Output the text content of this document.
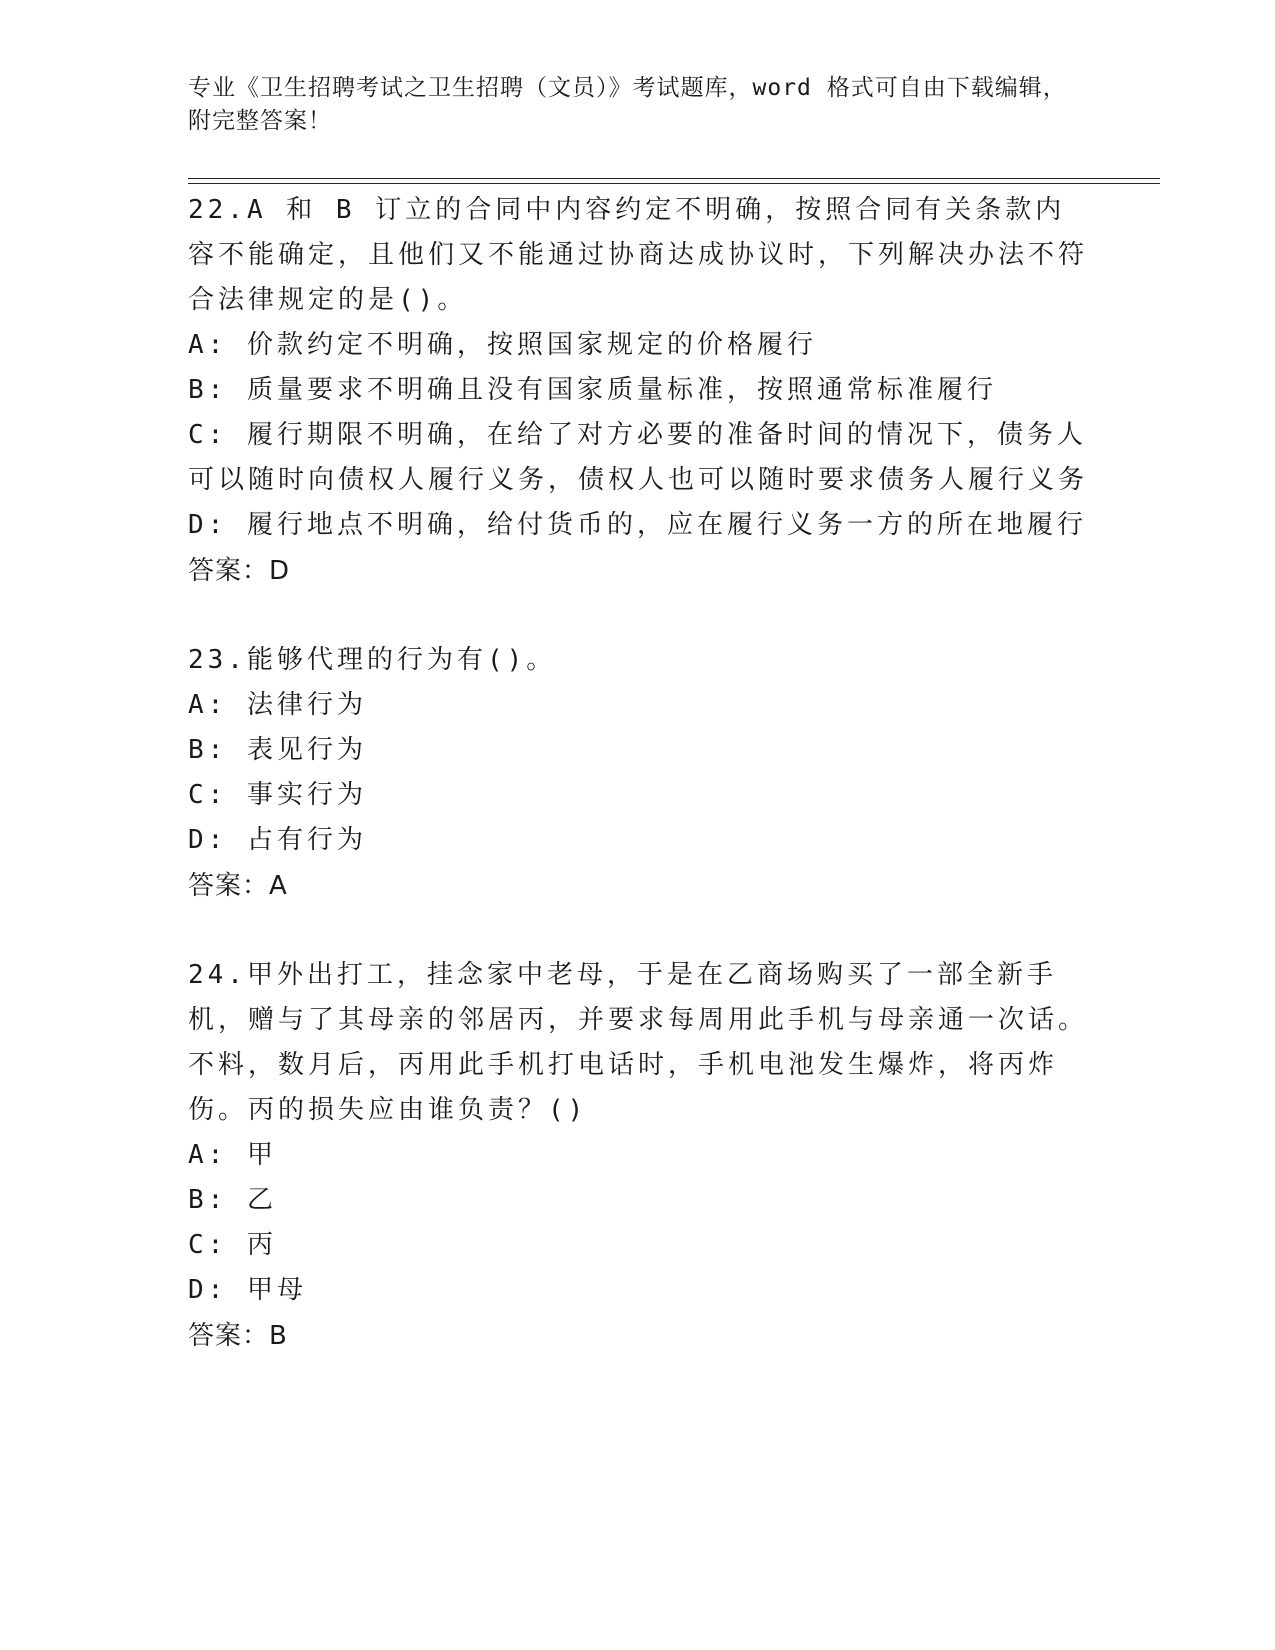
专业《卫生招聘考试之卫生招聘（文员）》考试题库，word 格式可自由下载编辑，附完整答案！

22.A 和 B 订立的合同中内容约定不明确，按照合同有关条款内容不能确定，且他们又不能通过协商达成协议时，下列解决办法不符合法律规定的是()。

A: 价款约定不明确，按照国家规定的价格履行

B: 质量要求不明确且没有国家质量标准，按照通常标准履行

C: 履行期限不明确，在给了对方必要的准备时间的情况下，债务人可以随时向债权人履行义务，债权人也可以随时要求债务人履行义务

D: 履行地点不明确，给付货币的，应在履行义务一方的所在地履行

答案：D

23.能够代理的行为有()。

A: 法律行为

B: 表见行为

C: 事实行为

D: 占有行为

答案：A

24.甲外出打工，挂念家中老母，于是在乙商场购买了一部全新手机，赠与了其母亲的邻居丙，并要求每周用此手机与母亲通一次话。不料，数月后，丙用此手机打电话时，手机电池发生爆炸，将丙炸伤。丙的损失应由谁负责？()

A: 甲

B: 乙

C: 丙

D: 甲母

答案：B
